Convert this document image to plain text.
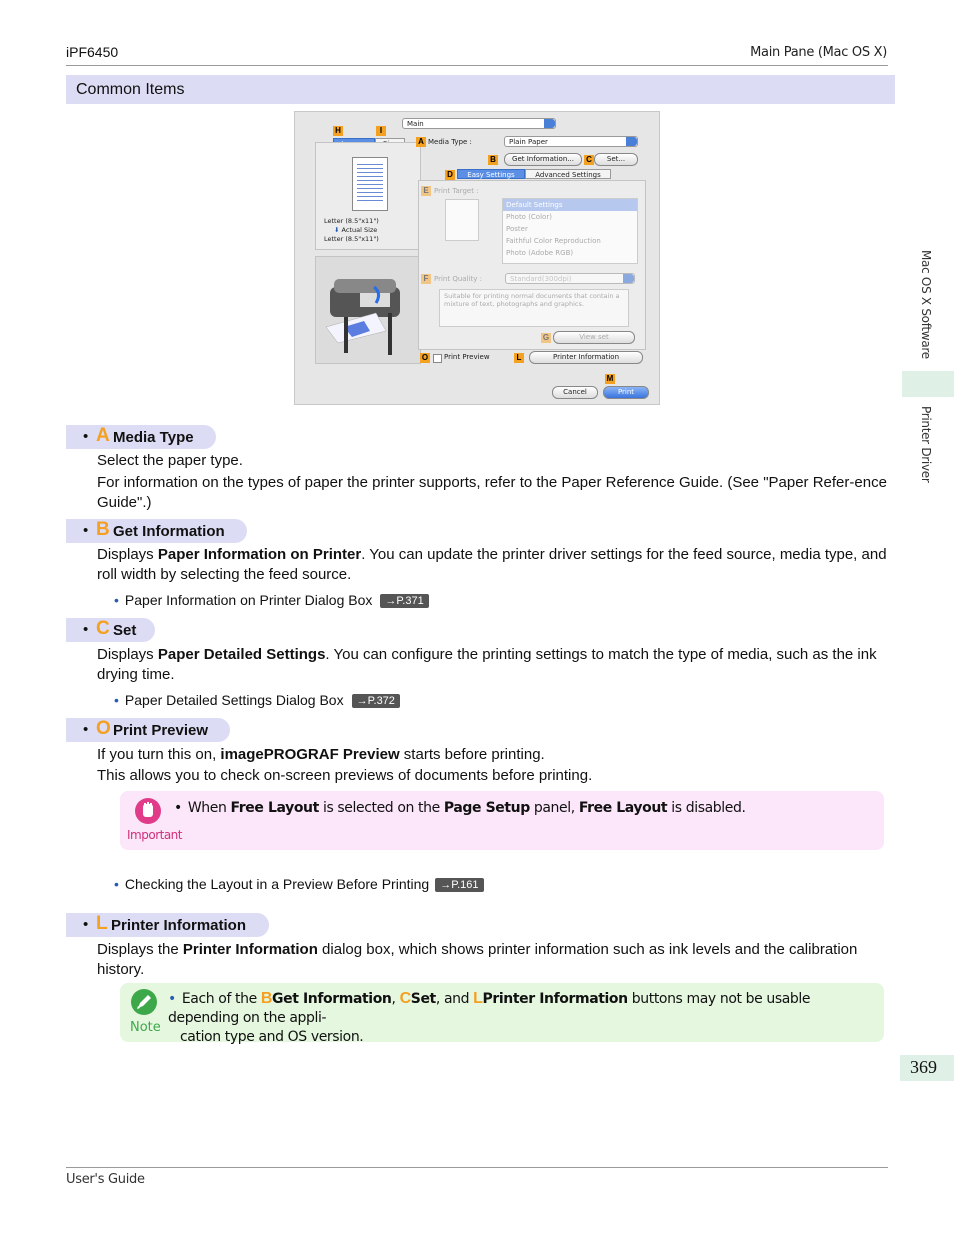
iPF6450	Main Pane (Mac OS X)
Common Items
Mac OS X Software
Printer Driver
H	I
Letter (8.5"x11")
⬇ Actual Size
Letter (8.5"x11")
Main
A Media Type :	Plain Paper
B	Get Information...	C	Set...
D	Easy Settings	Advanced Settings
E Print Target :
Default Settings
Photo (Color)
Poster
Faithful Color Reproduction
Photo (Adobe RGB)
F Print Quality :	Standard(300dpi)
Suitable for printing normal documents that contain a mixture of text, photographs and graphics.
G	View set
O Print Preview	L	Printer Information
M
Cancel	Print
• A Media Type
Select the paper type.
For information on the types of paper the printer supports, refer to the Paper Reference Guide. (See "Paper Refer-ence Guide".)
• B Get Information
Displays Paper Information on Printer. You can update the printer driver settings for the feed source, media type, and roll width by selecting the feed source.
• Paper Information on Printer Dialog Box →P.371
• C Set
Displays Paper Detailed Settings. You can configure the printing settings to match the type of media, such as the ink drying time.
• Paper Detailed Settings Dialog Box →P.372
• O Print Preview
If you turn this on, imagePROGRAF Preview starts before printing.
This allows you to check on-screen previews of documents before printing.
Important
• When Free Layout is selected on the Page Setup panel, Free Layout is disabled.
• Checking the Layout in a Preview Before Printing →P.161
• L Printer Information
Displays the Printer Information dialog box, which shows printer information such as ink levels and the calibration history.
Note
• Each of the BGet Information, CSet, and LPrinter Information buttons may not be usable depending on the appli-
cation type and OS version.
369
User's Guide
